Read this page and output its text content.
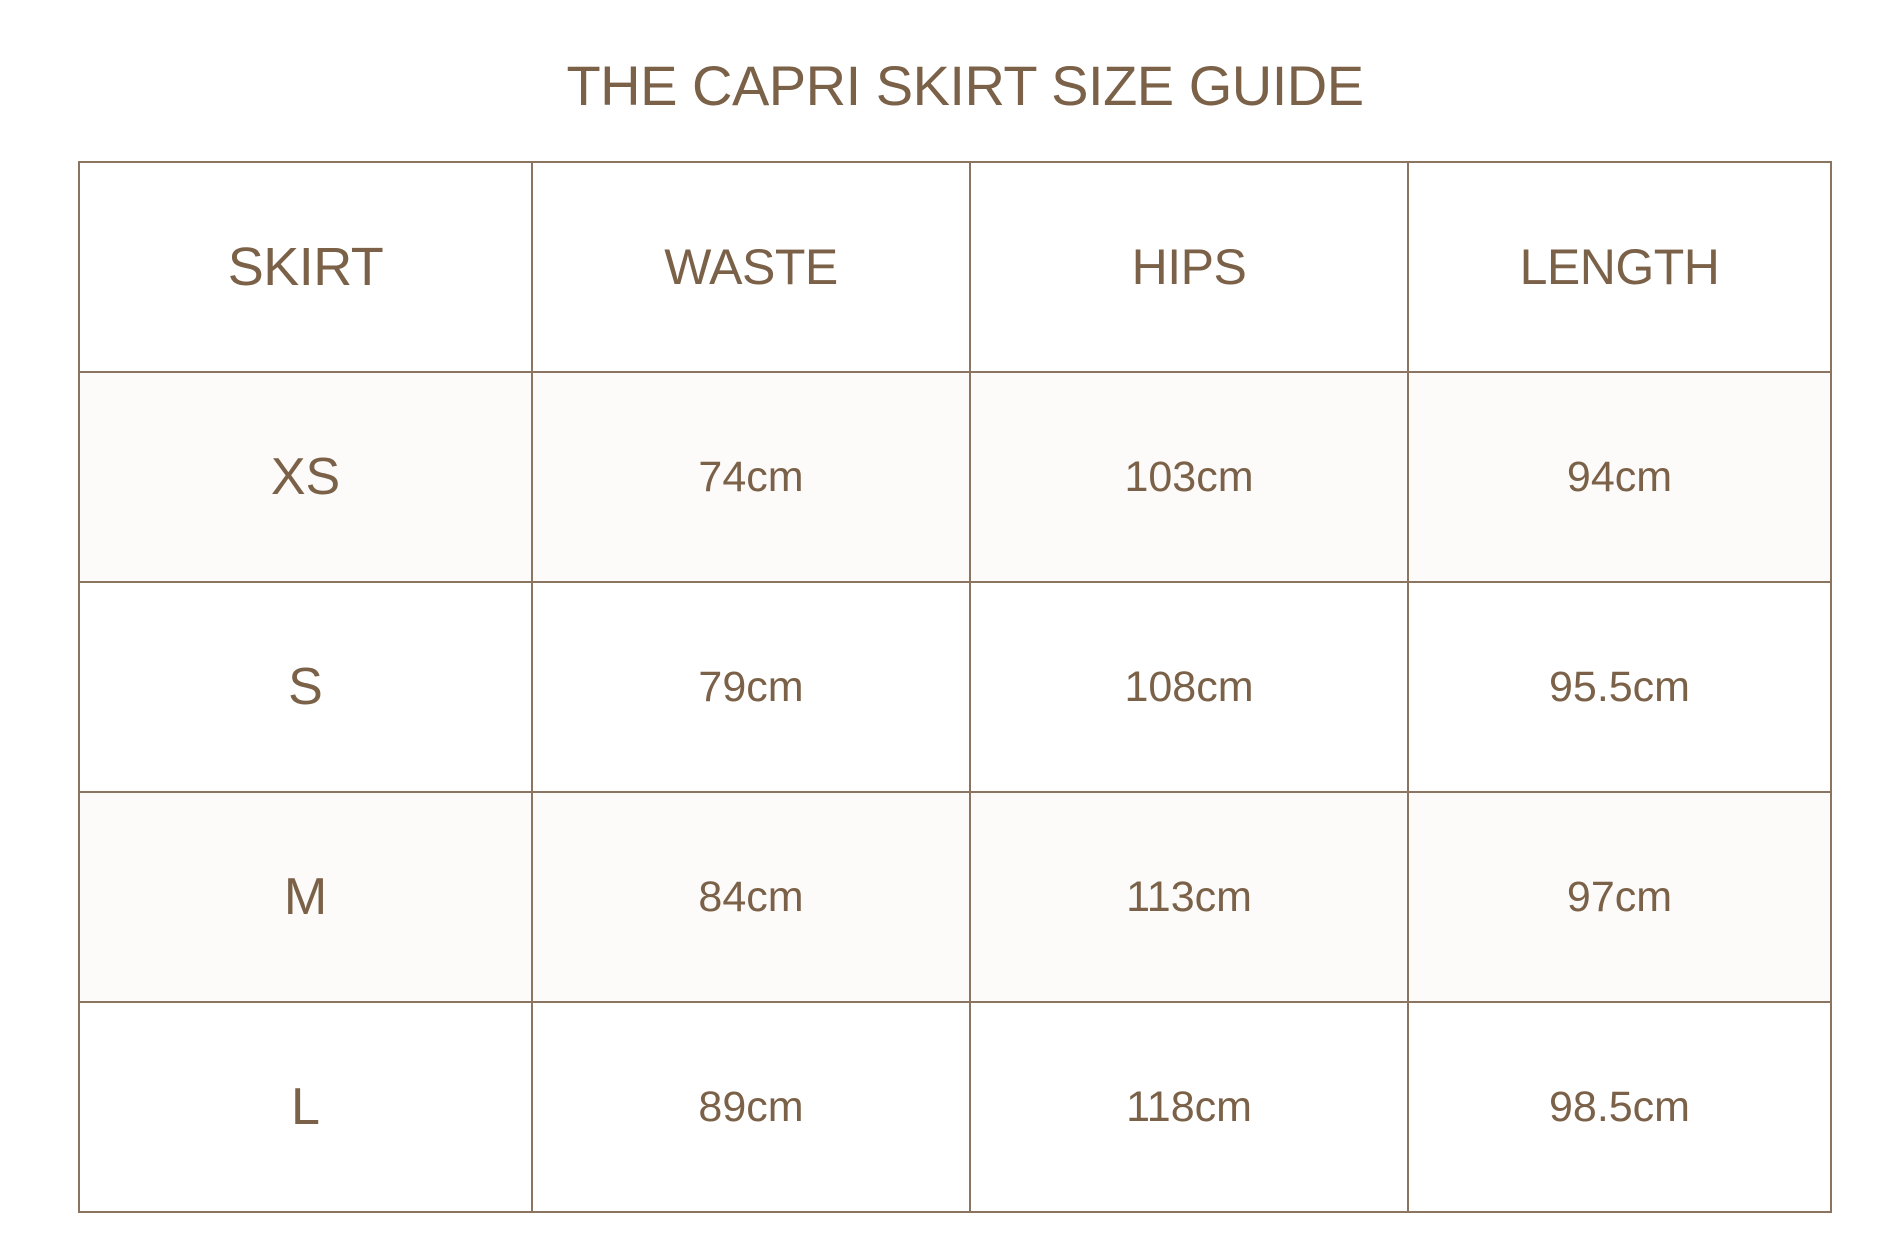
THE CAPRI SKIRT SIZE GUIDE
SKIRT	WASTE	HIPS	LENGTH
XS	74cm	103cm	94cm
S	79cm	108cm	95.5cm
M	84cm	113cm	97cm
L	89cm	118cm	98.5cm
